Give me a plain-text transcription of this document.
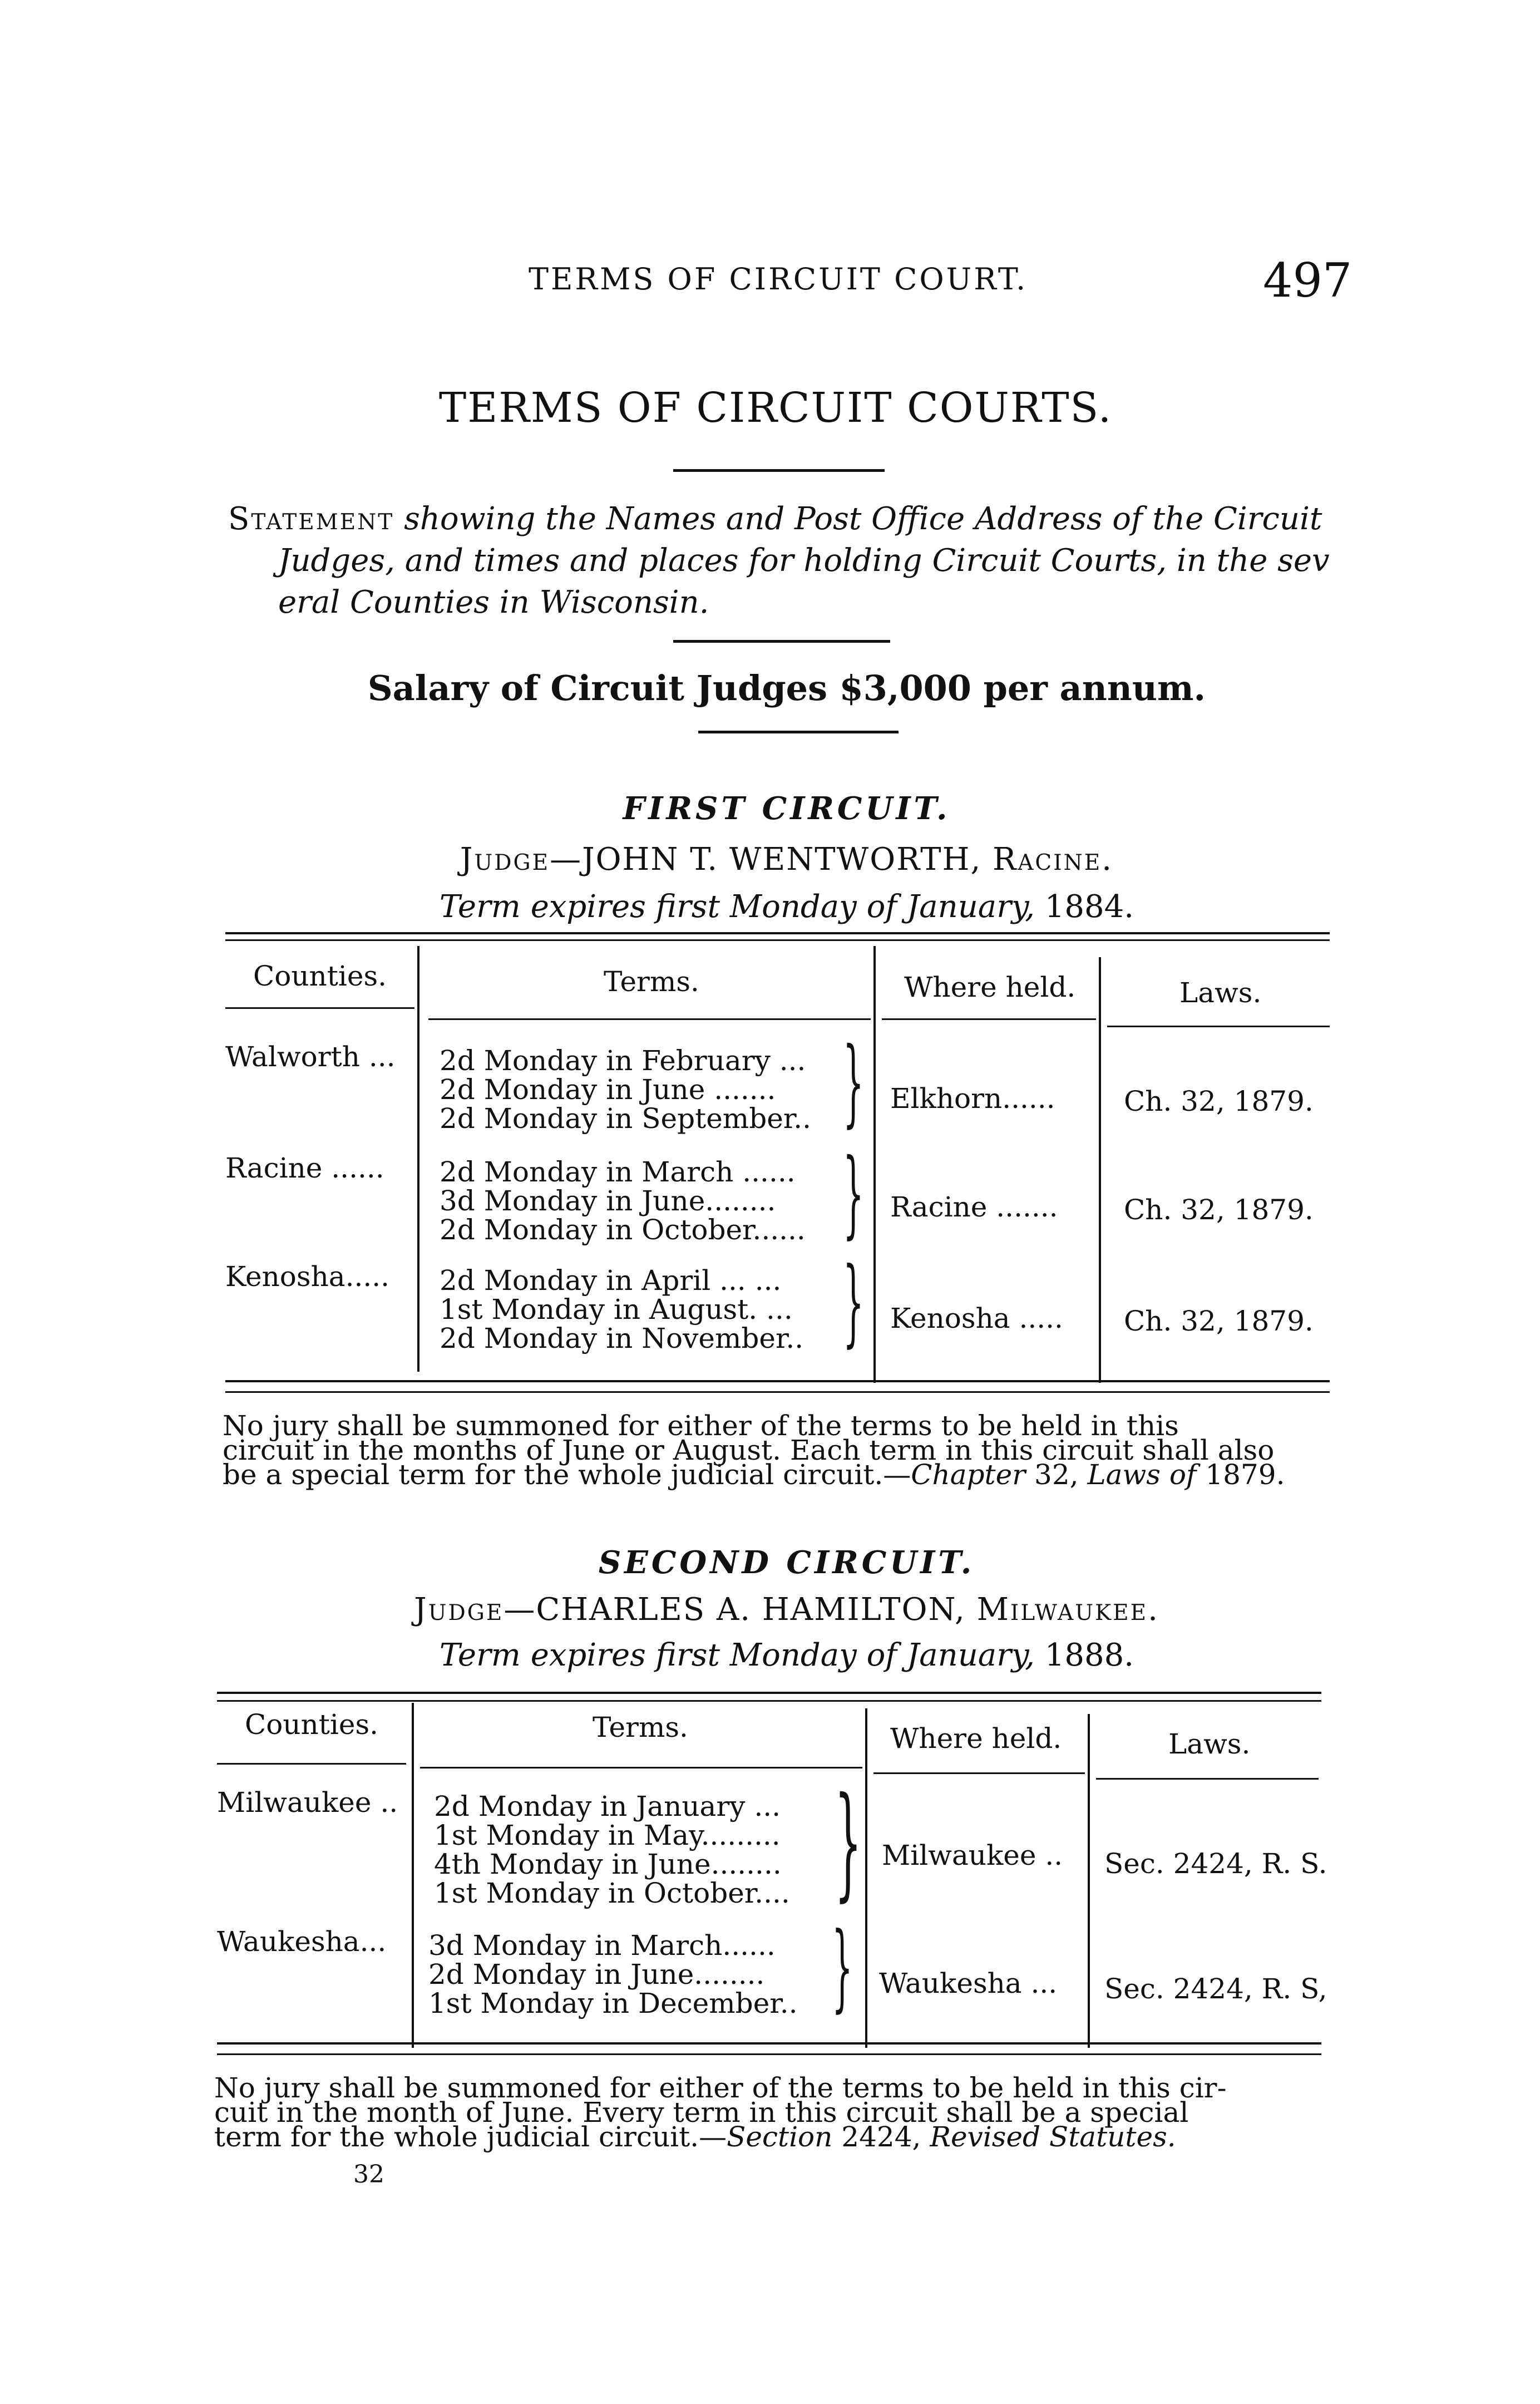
TERMS OF CIRCUIT COURT.	497
TERMS OF CIRCUIT COURTS.
Statement showing the Names and Post Office Address of the Circuit
Judges, and times and places for holding Circuit Courts, in the sev
eral Counties in Wisconsin.
Salary of Circuit Judges $3,000 per annum.
FIRST CIRCUIT.
Judge—JOHN T. WENTWORTH, Racine.
Term expires first Monday of January, 1884.
Counties.	Terms.	Where held.	Laws.
Walworth ... 2d Monday in February ...
2d Monday in June .......
2d Monday in September.. } Elkhorn...... Ch. 32, 1879.
Racine ...... 2d Monday in March ......
3d Monday in June........
2d Monday in October...... } Racine ....... Ch. 32, 1879.
Kenosha..... 2d Monday in April ... ...
1st Monday in August. ...
2d Monday in November.. } Kenosha ..... Ch. 32, 1879.
No jury shall be summoned for either of the terms to be held in this
circuit in the months of June or August. Each term in this circuit shall also
be a special term for the whole judicial circuit.—Chapter 32, Laws of 1879.
SECOND CIRCUIT.
Judge—CHARLES A. HAMILTON, Milwaukee.
Term expires first Monday of January, 1888.
Counties.	Terms.	Where held.	Laws.
Milwaukee .. 2d Monday in January ...
1st Monday in May.........
4th Monday in June........
1st Monday in October.... } Milwaukee .. Sec. 2424, R. S.
Waukesha... 3d Monday in March......
2d Monday in June........
1st Monday in December.. } Waukesha ... Sec. 2424, R. S,
No jury shall be summoned for either of the terms to be held in this cir-
cuit in the month of June. Every term in this circuit shall be a special
term for the whole judicial circuit.—Section 2424, Revised Statutes.
32
